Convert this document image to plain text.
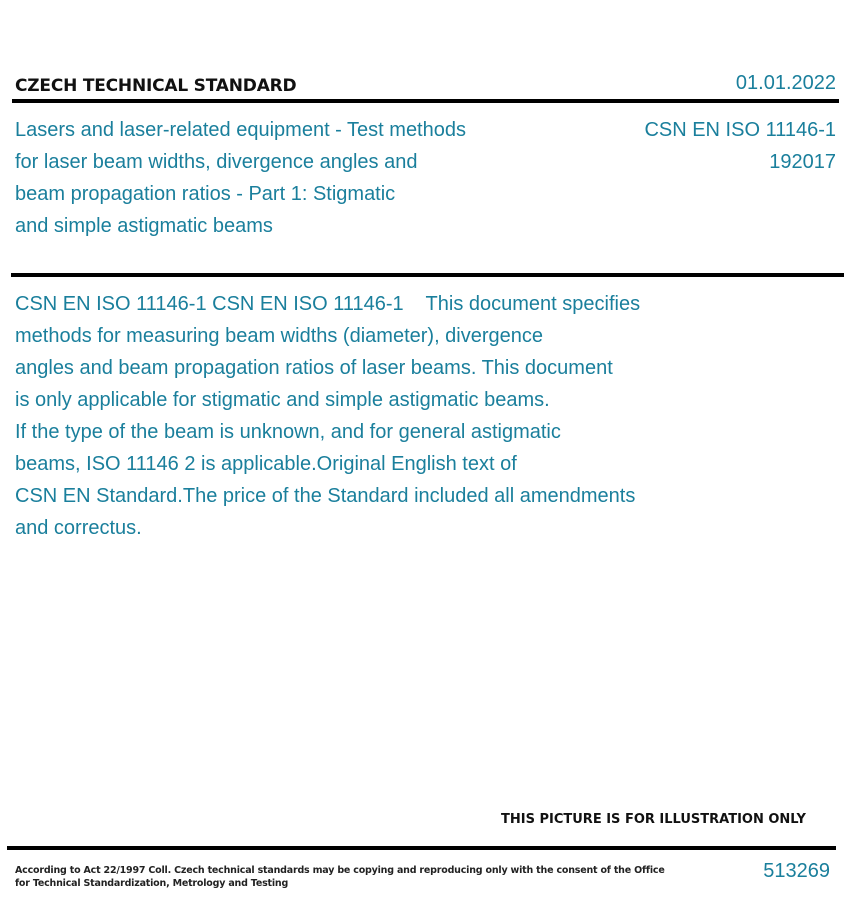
CZECH TECHNICAL STANDARD	01.01.2022
Lasers and laser-related equipment - Test methods
for laser beam widths, divergence angles and
beam propagation ratios - Part 1: Stigmatic
and simple astigmatic beams
CSN EN ISO 11146-1
192017
CSN EN ISO 11146-1 CSN EN ISO 11146-1    This document specifies
methods for measuring beam widths (diameter), divergence
angles and beam propagation ratios of laser beams. This document
is only applicable for stigmatic and simple astigmatic beams.
If the type of the beam is unknown, and for general astigmatic
beams, ISO 11146 2 is applicable.Original English text of
CSN EN Standard.The price of the Standard included all amendments
and correctus.
THIS PICTURE IS FOR ILLUSTRATION ONLY
According to Act 22/1997 Coll. Czech technical standards may be copying and reproducing only with the consent of the Office
for Technical Standardization, Metrology and Testing
513269
